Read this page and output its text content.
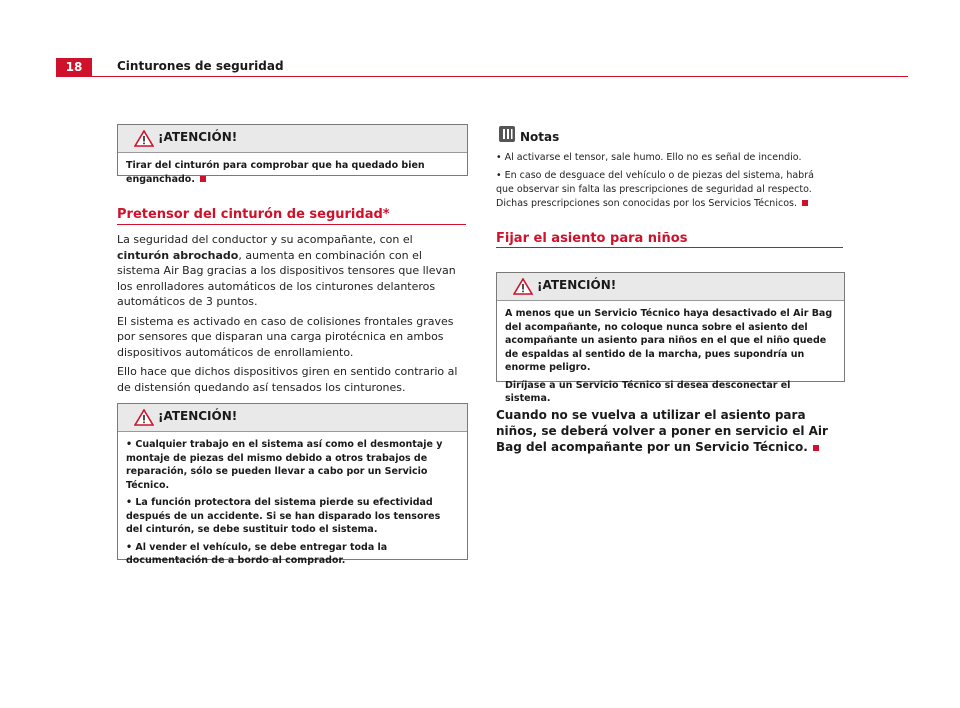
18	Cinturones de seguridad
¡ATENCIÓN!

Tirar del cinturón para comprobar que ha quedado bien enganchado.

Pretensor del cinturón de seguridad*

La seguridad del conductor y su acompañante, con el cinturón abrochado, aumenta en combinación con el sistema Air Bag gracias a los dispositivos tensores que llevan los enrolladores automáticos de los cinturones delanteros automáticos de 3 puntos.

El sistema es activado en caso de colisiones frontales graves por sensores que disparan una carga pirotécnica en ambos dispositivos automáticos de enrollamiento.

Ello hace que dichos dispositivos giren en sentido contrario al de distensión quedando así tensados los cinturones.

¡ATENCIÓN!

• Cualquier trabajo en el sistema así como el desmontaje y montaje de piezas del mismo debido a otros trabajos de reparación, sólo se pueden llevar a cabo por un Servicio Técnico.

• La función protectora del sistema pierde su efectividad después de un accidente. Si se han disparado los tensores del cinturón, se debe sustituir todo el sistema.

• Al vender el vehículo, se debe entregar toda la documentación de a bordo al comprador.

Notas

• Al activarse el tensor, sale humo. Ello no es señal de incendio.

• En caso de desguace del vehículo o de piezas del sistema, habrá que observar sin falta las prescripciones de seguridad al respecto. Dichas prescripciones son conocidas por los Servicios Técnicos.

Fijar el asiento para niños
¡ATENCIÓN!

A menos que un Servicio Técnico haya desactivado el Air Bag del acompañante, no coloque nunca sobre el asiento del acompañante un asiento para niños en el que el niño quede de espaldas al sentido de la marcha, pues supondría un enorme peligro.

Diríjase a un Servicio Técnico si desea desconectar el sistema.

Cuando no se vuelva a utilizar el asiento para niños, se deberá volver a poner en servicio el Air Bag del acompañante por un Servicio Técnico.
